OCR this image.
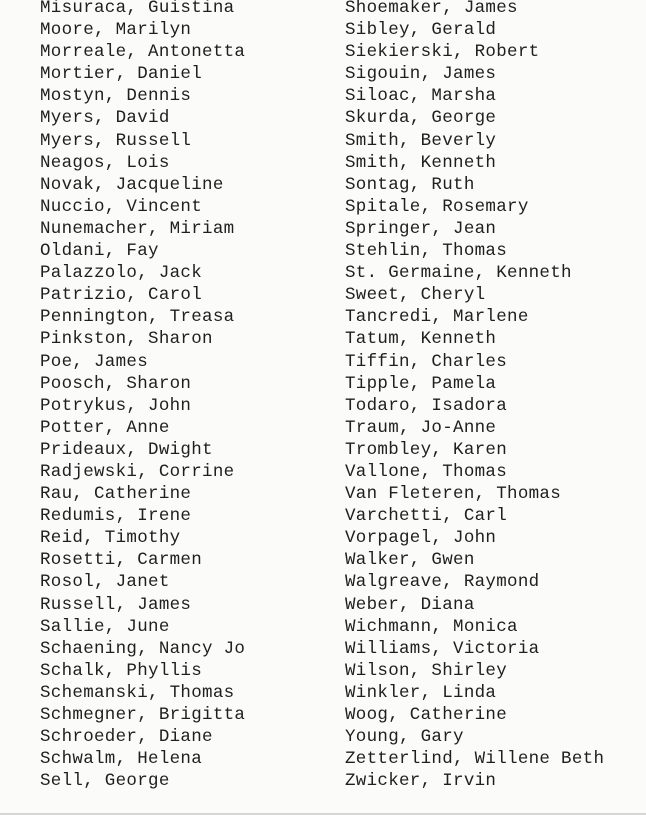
Misuraca, Guistina
Moore, Marilyn
Morreale, Antonetta
Mortier, Daniel
Mostyn, Dennis
Myers, David
Myers, Russell
Neagos, Lois
Novak, Jacqueline
Nuccio, Vincent
Nunemacher, Miriam
Oldani, Fay
Palazzolo, Jack
Patrizio, Carol
Pennington, Treasa
Pinkston, Sharon
Poe, James
Poosch, Sharon
Potrykus, John
Potter, Anne
Prideaux, Dwight
Radjewski, Corrine
Rau, Catherine
Redumis, Irene
Reid, Timothy
Rosetti, Carmen
Rosol, Janet
Russell, James
Sallie, June
Schaening, Nancy Jo
Schalk, Phyllis
Schemanski, Thomas
Schmegner, Brigitta
Schroeder, Diane
Schwalm, Helena
Sell, George
Shoemaker, James
Sibley, Gerald
Siekierski, Robert
Sigouin, James
Siloac, Marsha
Skurda, George
Smith, Beverly
Smith, Kenneth
Sontag, Ruth
Spitale, Rosemary
Springer, Jean
Stehlin, Thomas
St. Germaine, Kenneth
Sweet, Cheryl
Tancredi, Marlene
Tatum, Kenneth
Tiffin, Charles
Tipple, Pamela
Todaro, Isadora
Traum, Jo-Anne
Trombley, Karen
Vallone, Thomas
Van Fleteren, Thomas
Varchetti, Carl
Vorpagel, John
Walker, Gwen
Walgreave, Raymond
Weber, Diana
Wichmann, Monica
Williams, Victoria
Wilson, Shirley
Winkler, Linda
Woog, Catherine
Young, Gary
Zetterlind, Willene Beth
Zwicker, Irvin
